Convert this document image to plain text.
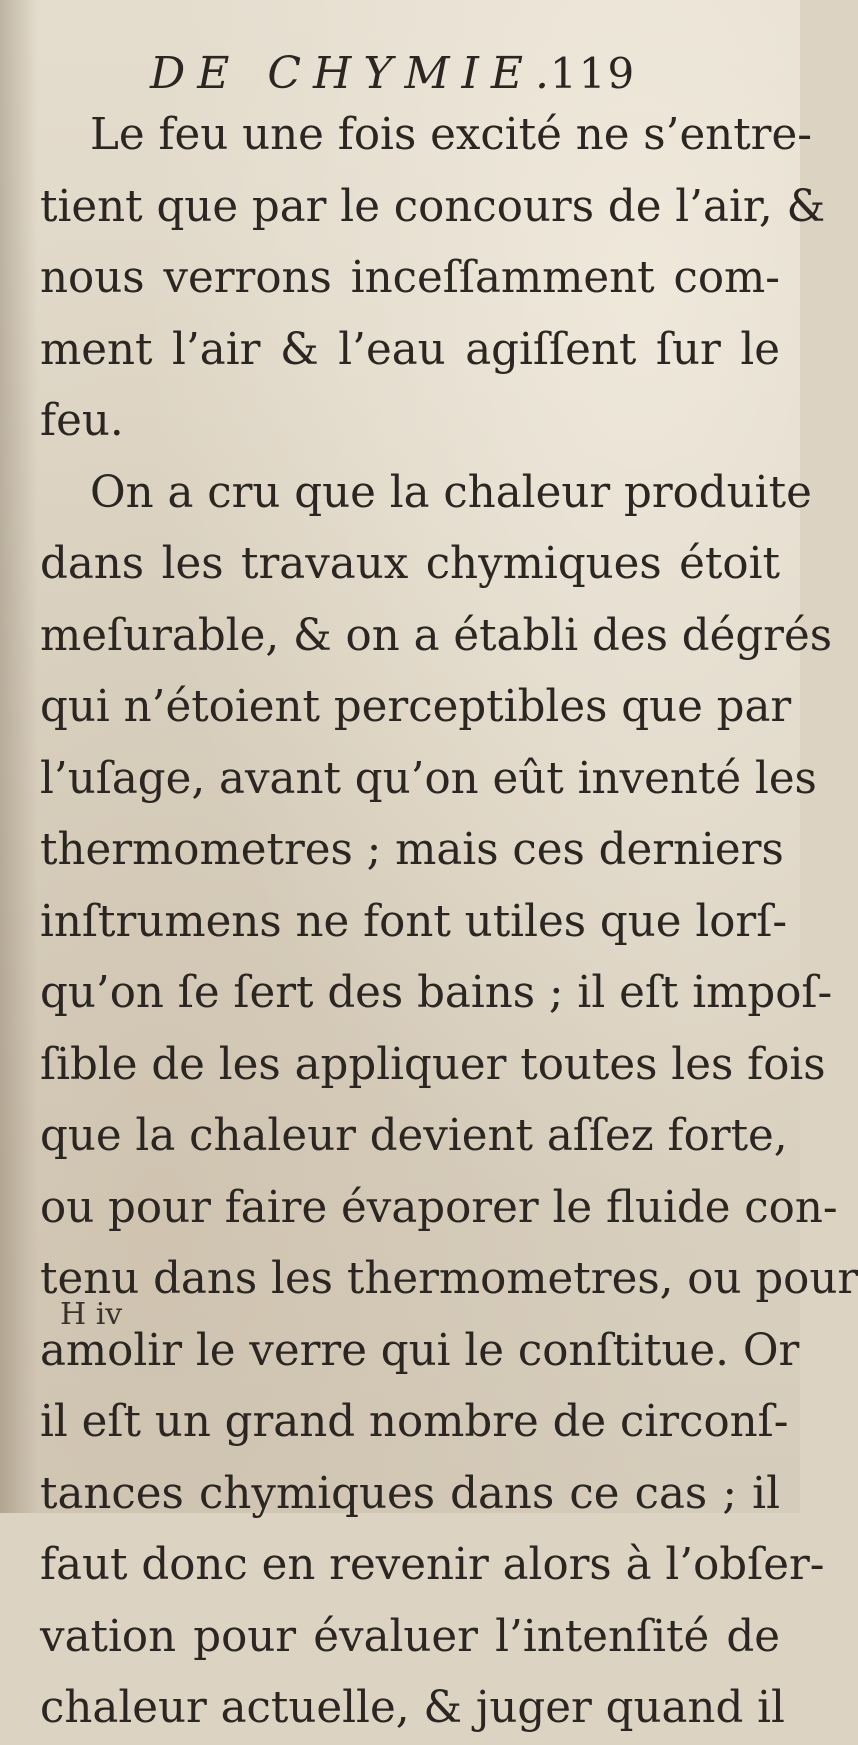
DE CHYMIE.
119
Le feu une fois excité ne s’entre-
tient que par le concours de l’air, &
nous verrons inceſſamment com-
ment l’air & l’eau agiſſent ſur le
feu.
On a cru que la chaleur produite
dans les travaux chymiques étoit
meſurable, & on a établi des dégrés
qui n’étoient perceptibles que par
l’uſage, avant qu’on eût inventé les
thermometres ; mais ces derniers
inſtrumens ne font utiles que lorſ-
qu’on ſe ſert des bains ; il eſt impoſ-
ſible de les appliquer toutes les fois
que la chaleur devient aſſez forte,
ou pour faire évaporer le fluide con-
tenu dans les thermometres, ou pour
amolir le verre qui le conſtitue. Or
il eſt un grand nombre de circonſ-
tances chymiques dans ce cas ; il
faut donc en revenir alors à l’obſer-
vation pour évaluer l’intenſité de
chaleur actuelle, & juger quand il
H iv
